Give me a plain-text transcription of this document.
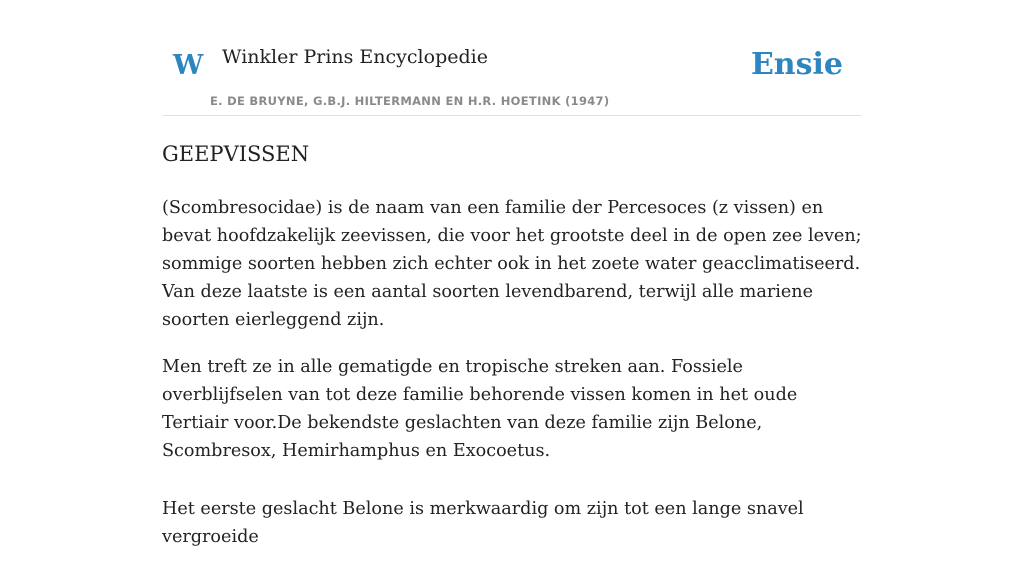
W Winkler Prins Encyclopedie
E. DE BRUYNE, G.B.J. HILTERMANN EN H.R. HOETINK (1947)
Ensie
GEEPVISSEN

(Scombresocidae) is de naam van een familie der Percesoces (z vissen) en bevat hoofdzakelijk zeevissen, die voor het grootste deel in de open zee leven; sommige soorten hebben zich echter ook in het zoete water geacclimatiseerd. Van deze laatste is een aantal soorten levendbarend, terwijl alle mariene soorten eierleggend zijn.

Men treft ze in alle gematigde en tropische streken aan. Fossiele overblijfselen van tot deze familie behorende vissen komen in het oude Tertiair voor.De bekendste geslachten van deze familie zijn Belone, Scombresox, Hemirhamphus en Exocoetus.

Het eerste geslacht Belone is merkwaardig om zijn tot een lange snavel vergroeide
